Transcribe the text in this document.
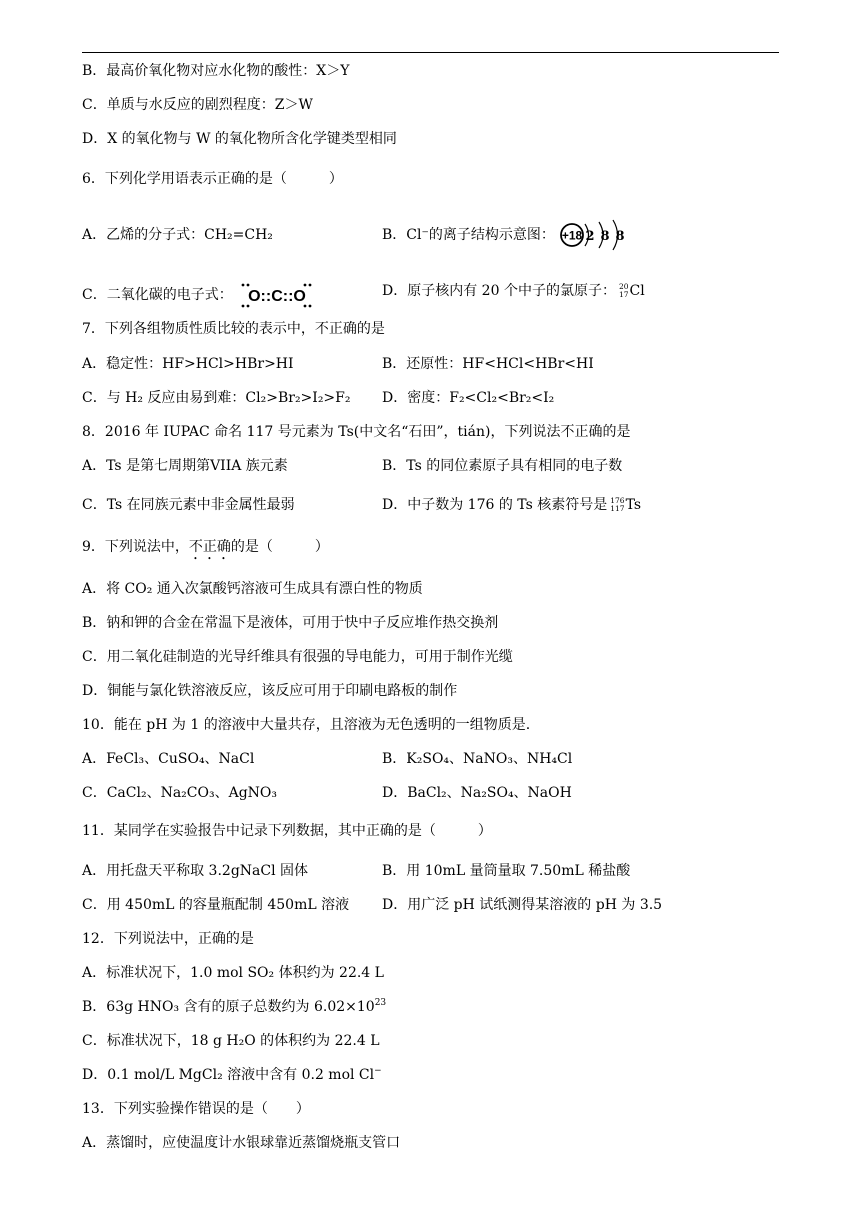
B．最高价氧化物对应水化物的酸性：X＞Y
C．单质与水反应的剧烈程度：Z＞W
D．X 的氧化物与 W 的氧化物所含化学键类型相同
6．下列化学用语表示正确的是（　　　）
A．乙烯的分子式：CH₂=CH₂	B．Cl⁻的离子结构示意图： +18 2 8 8
C．二氧化碳的电子式： O::C::O	D．原子核内有 20 个中子的氯原子： 20
17 Cl
7．下列各组物质性质比较的表示中，不正确的是
A．稳定性：HF>HCl>HBr>HI	B．还原性：HF<HCl<HBr<HI
C．与 H₂ 反应由易到难：Cl₂>Br₂>I₂>F₂ D．密度：F₂<Cl₂<Br₂<I₂
8．2016 年 IUPAC 命名 117 号元素为 Ts(中文名“石田”，tián)，下列说法不正确的是
A．Ts 是第七周期第VIIA 族元素	B．Ts 的同位素原子具有相同的电子数
C．Ts 在同族元素中非金属性最弱	D．中子数为 176 的 Ts 核素符号是 176
117 Ts
9．下列说法中，不正确的是（　　　）
A．将 CO₂ 通入次氯酸钙溶液可生成具有漂白性的物质
B．钠和钾的合金在常温下是液体，可用于快中子反应堆作热交换剂
C．用二氧化硅制造的光导纤维具有很强的导电能力，可用于制作光缆
D．铜能与氯化铁溶液反应，该反应可用于印刷电路板的制作
10．能在 pH 为 1 的溶液中大量共存，且溶液为无色透明的一组物质是.
A．FeCl₃、CuSO₄、NaCl	B．K₂SO₄、NaNO₃、NH₄Cl
C．CaCl₂、Na₂CO₃、AgNO₃	D．BaCl₂、Na₂SO₄、NaOH
11．某同学在实验报告中记录下列数据，其中正确的是（　　　）
A．用托盘天平称取 3.2gNaCl 固体	B．用 10mL 量筒量取 7.50mL 稀盐酸
C．用 450mL 的容量瓶配制 450mL 溶液 D．用广泛 pH 试纸测得某溶液的 pH 为 3.5
12．下列说法中，正确的是
A．标准状况下，1.0 mol SO₂ 体积约为 22.4 L
B．63g HNO₃ 含有的原子总数约为 $6.02\times 10^{23}$
C．标准状况下，18 g H₂O 的体积约为 22.4 L
D．0.1 mol/L MgCl₂ 溶液中含有 0.2 mol Cl−
13．下列实验操作错误的是（　　）
A．蒸馏时，应使温度计水银球靠近蒸馏烧瓶支管口
